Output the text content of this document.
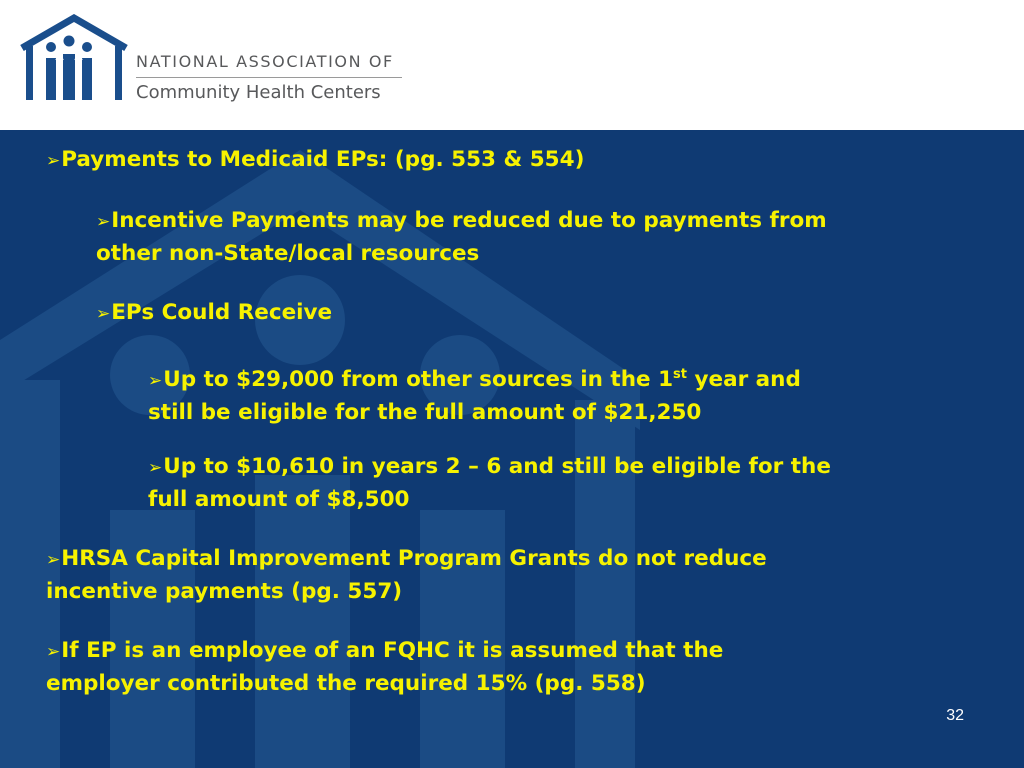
NATIONAL ASSOCIATION OF
Community Health Centers
➢Payments to Medicaid EPs: (pg. 553 & 554)
➢Incentive Payments may be reduced due to payments from
other non-State/local resources
➢EPs Could Receive
➢Up to $29,000 from other sources in the 1st year and
still be eligible for the full amount of $21,250
➢Up to $10,610 in years 2 – 6 and still be eligible for the
full amount of $8,500
➢HRSA Capital Improvement Program Grants do not reduce
incentive payments (pg. 557)
➢If EP is an employee of an FQHC it is assumed that the
employer contributed the required 15% (pg. 558)
32
